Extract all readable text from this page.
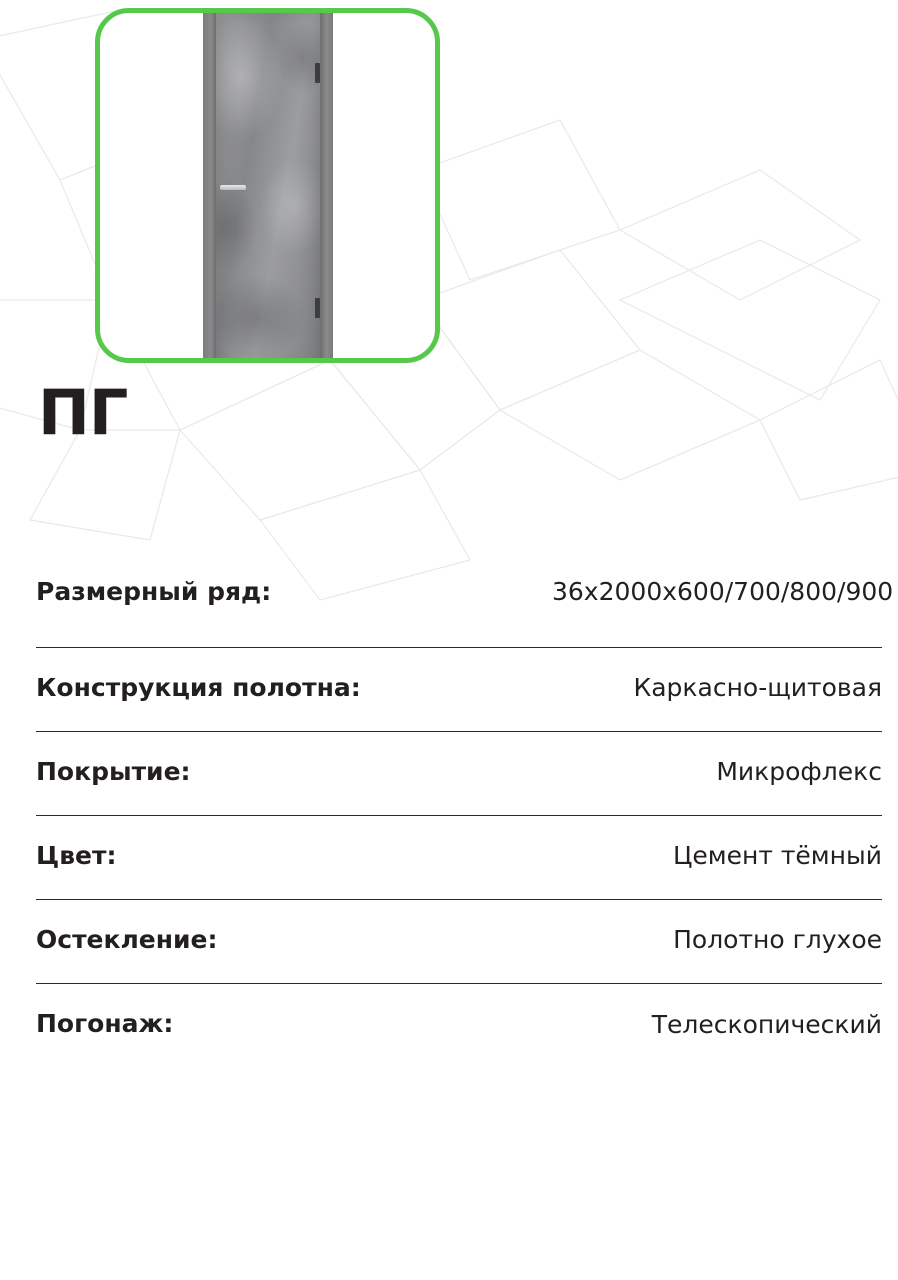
ПГ
Размерный ряд:	36x2000x600/700/800/900
Конструкция полотна:	Каркасно-щитовая
Покрытие:	Микрофлекс
Цвет:	Цемент тёмный
Остекление:	Полотно глухое
Погонаж:	Телескопический
